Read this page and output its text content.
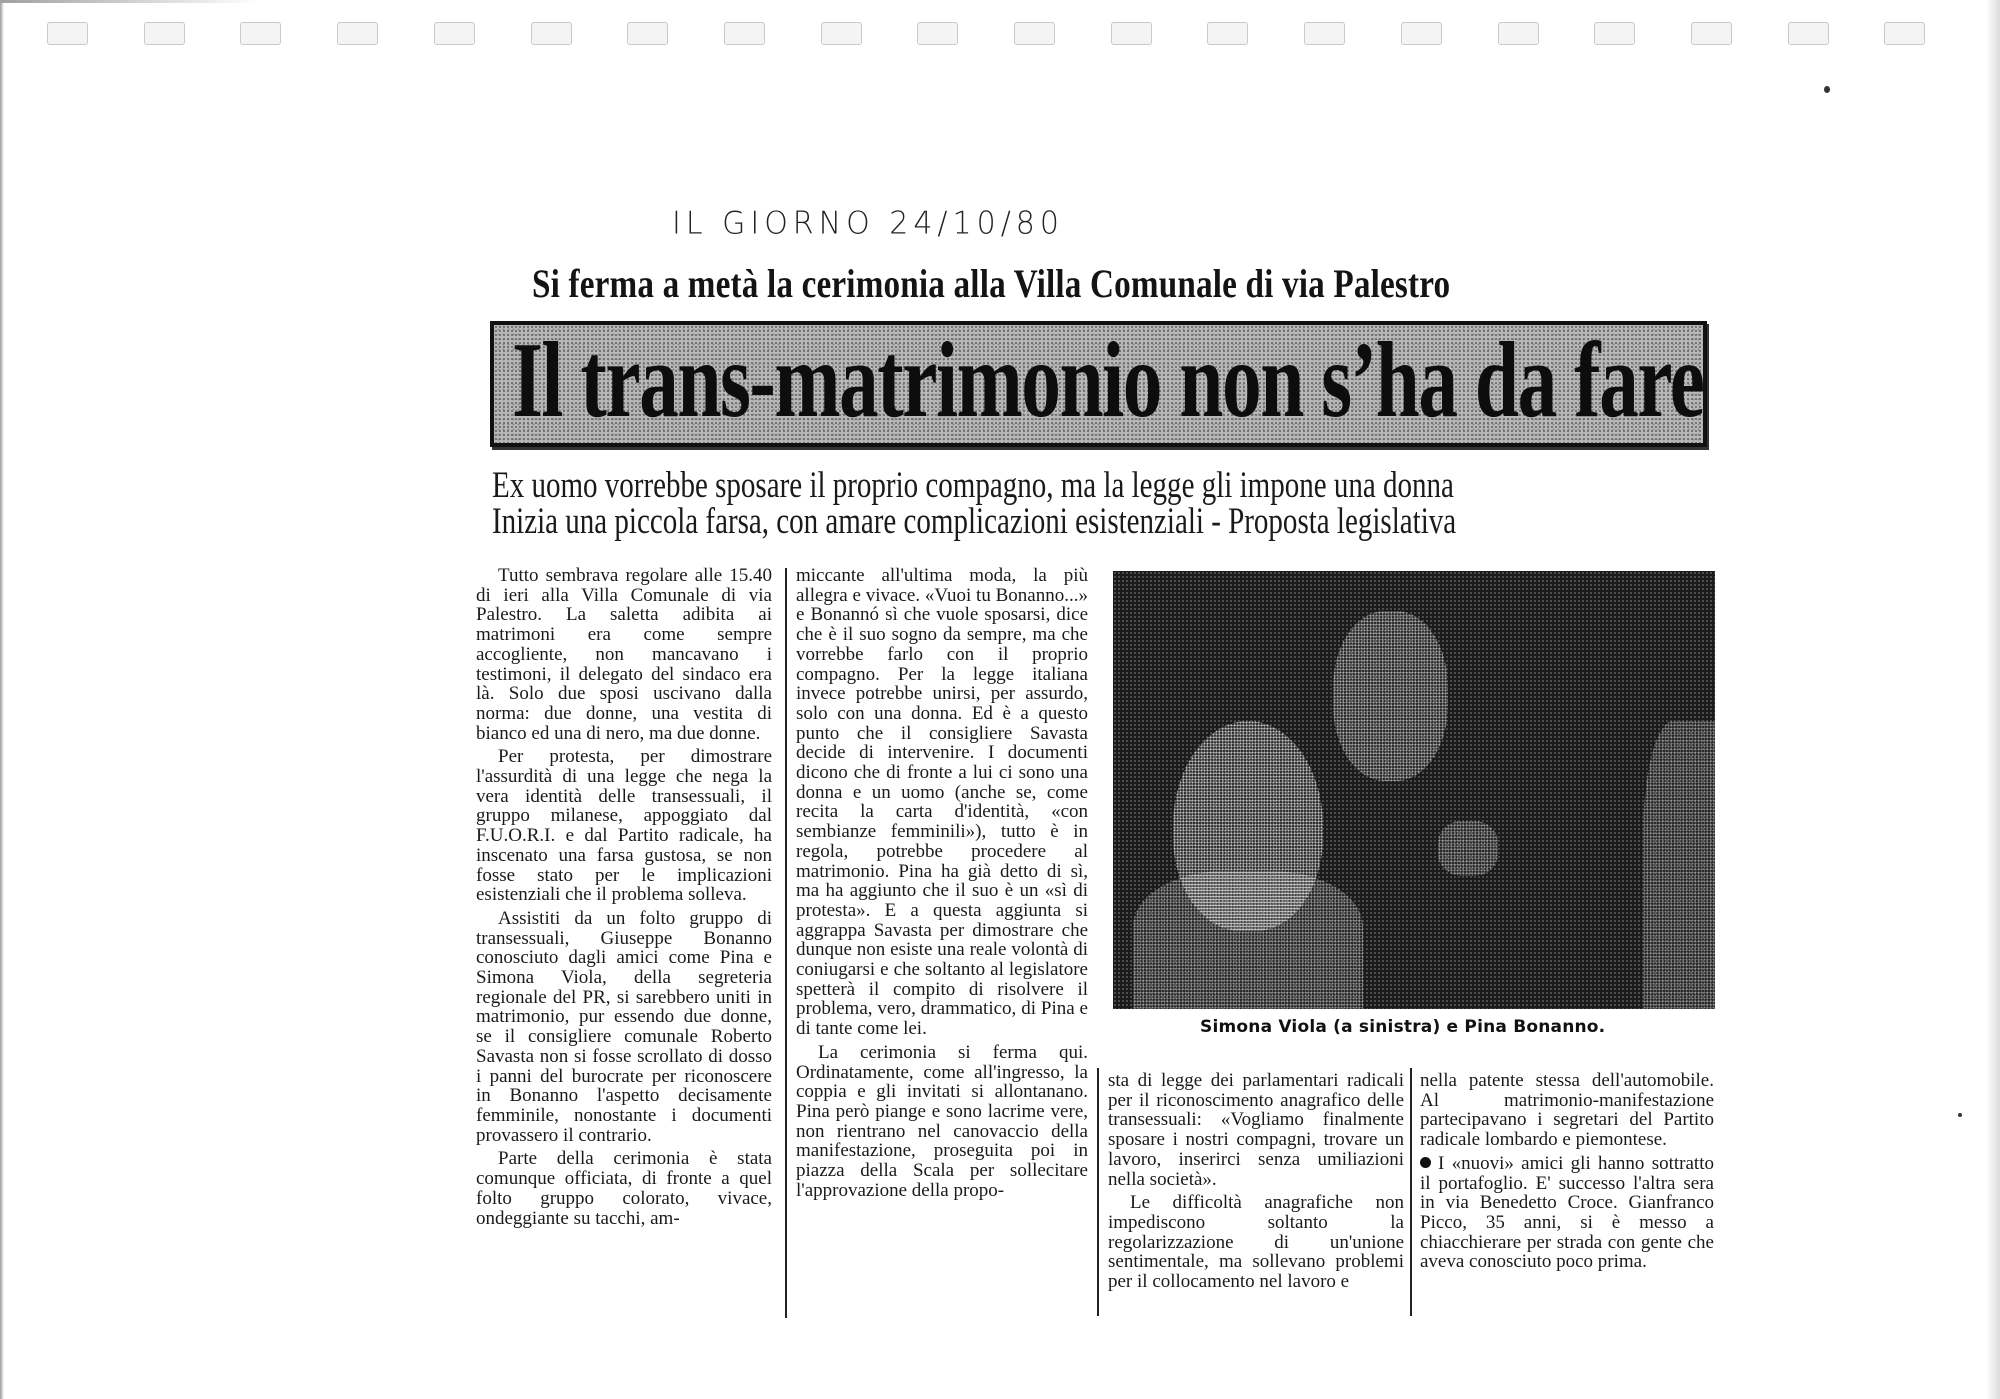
IL GIORNO 24/10/80
Si ferma a metà la cerimonia alla Villa Comunale di via Palestro
Il trans-matrimonio non s’ha da fare
Ex uomo vorrebbe sposare il proprio compagno, ma la legge gli impone una donna
Inizia una piccola farsa, con amare complicazioni esistenziali - Proposta legislativa

Tutto sembrava regolare alle 15.40 di ieri alla Villa Comunale di via Palestro. La saletta adibita ai matrimoni era come sempre accogliente, non mancavano i testimoni, il delegato del sindaco era là. Solo due sposi uscivano dalla norma: due donne, una vestita di bianco ed una di nero, ma due donne.

Per protesta, per dimostrare l'assurdità di una legge che nega la vera identità delle transessuali, il gruppo milanese, appoggiato dal F.U.O.R.I. e dal Partito radicale, ha inscenato una farsa gustosa, se non fosse stato per le implicazioni esistenziali che il problema solleva.

Assistiti da un folto gruppo di transessuali, Giuseppe Bonanno conosciuto dagli amici come Pina e Simona Viola, della segreteria regionale del PR, si sarebbero uniti in matrimonio, pur essendo due donne, se il consigliere comunale Roberto Savasta non si fosse scrollato di dosso i panni del burocrate per riconoscere in Bonanno l'aspetto decisamente femminile, nonostante i documenti provassero il contrario.

Parte della cerimonia è stata comunque officiata, di fronte a quel folto gruppo colorato, vivace, ondeggiante su tacchi, am-

miccante all'ultima moda, la più allegra e vivace. «Vuoi tu Bonanno...» e Bonannó sì che vuole sposarsi, dice che è il suo sogno da sempre, ma che vorrebbe farlo con il proprio compagno. Per la legge italiana invece potrebbe unirsi, per assurdo, solo con una donna. Ed è a questo punto che il consigliere Savasta decide di intervenire. I documenti dicono che di fronte a lui ci sono una donna e un uomo (anche se, come recita la carta d'identità, «con sembianze femminili»), tutto è in regola, potrebbe procedere al matrimonio. Pina ha già detto di sì, ma ha aggiunto che il suo è un «sì di protesta». E a questa aggiunta si aggrappa Savasta per dimostrare che dunque non esiste una reale volontà di coniugarsi e che soltanto al legislatore spetterà il compito di risolvere il problema, vero, drammatico, di Pina e di tante come lei.

La cerimonia si ferma qui. Ordinatamente, come all'ingresso, la coppia e gli invitati si allontanano. Pina però piange e sono lacrime vere, non rientrano nel canovaccio della manifestazione, proseguita poi in piazza della Scala per sollecitare l'approvazione della propo-

sta di legge dei parlamentari radicali per il riconoscimento anagrafico delle transessuali: «Vogliamo finalmente sposare i nostri compagni, trovare un lavoro, inserirci senza umiliazioni nella società».

Le difficoltà anagrafiche non impediscono soltanto la regolarizzazione di un'unione sentimentale, ma sollevano problemi per il collocamento nel lavoro e

nella patente stessa dell'automobile. Al matrimonio-manifestazione partecipavano i segretari del Partito radicale lombardo e piemontese.

I «nuovi» amici gli hanno sottratto il portafoglio. E' successo l'altra sera in via Benedetto Croce. Gianfranco Picco, 35 anni, si è messo a chiacchierare per strada con gente che aveva conosciuto poco prima.

Simona Viola (a sinistra) e Pina Bonanno.
